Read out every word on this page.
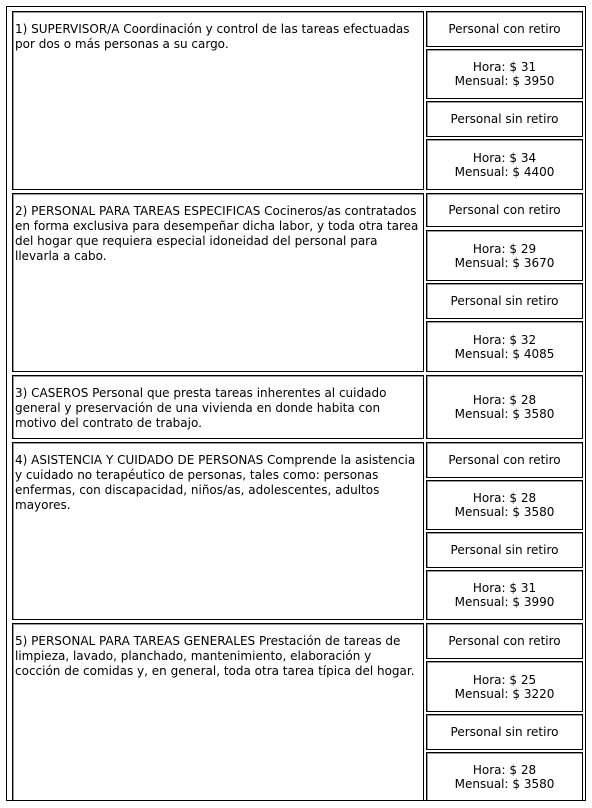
1) SUPERVISOR/A Coordinación y control de las tareas efectuadas por dos o más personas a su cargo.
Personal con retiro
Hora: $ 31
Mensual: $ 3950
Personal sin retiro
Hora: $ 34
Mensual: $ 4400
2) PERSONAL PARA TAREAS ESPECIFICAS Cocineros/as contratados en forma exclusiva para desempeñar dicha labor, y toda otra tarea del hogar que requiera especial idoneidad del personal para llevarla a cabo.
Personal con retiro
Hora: $ 29
Mensual: $ 3670
Personal sin retiro
Hora: $ 32
Mensual: $ 4085
3) CASEROS Personal que presta tareas inherentes al cuidado general y preservación de una vivienda en donde habita con motivo del contrato de trabajo.
Hora: $ 28
Mensual: $ 3580
4) ASISTENCIA Y CUIDADO DE PERSONAS Comprende la asistencia y cuidado no terapéutico de personas, tales como: personas enfermas, con discapacidad, niños/as, adolescentes, adultos mayores.
Personal con retiro
Hora: $ 28
Mensual: $ 3580
Personal sin retiro
Hora: $ 31
Mensual: $ 3990
5) PERSONAL PARA TAREAS GENERALES Prestación de tareas de limpieza, lavado, planchado, mantenimiento, elaboración y cocción de comidas y, en general, toda otra tarea típica del hogar.
Personal con retiro
Hora: $ 25
Mensual: $ 3220
Personal sin retiro
Hora: $ 28
Mensual: $ 3580
